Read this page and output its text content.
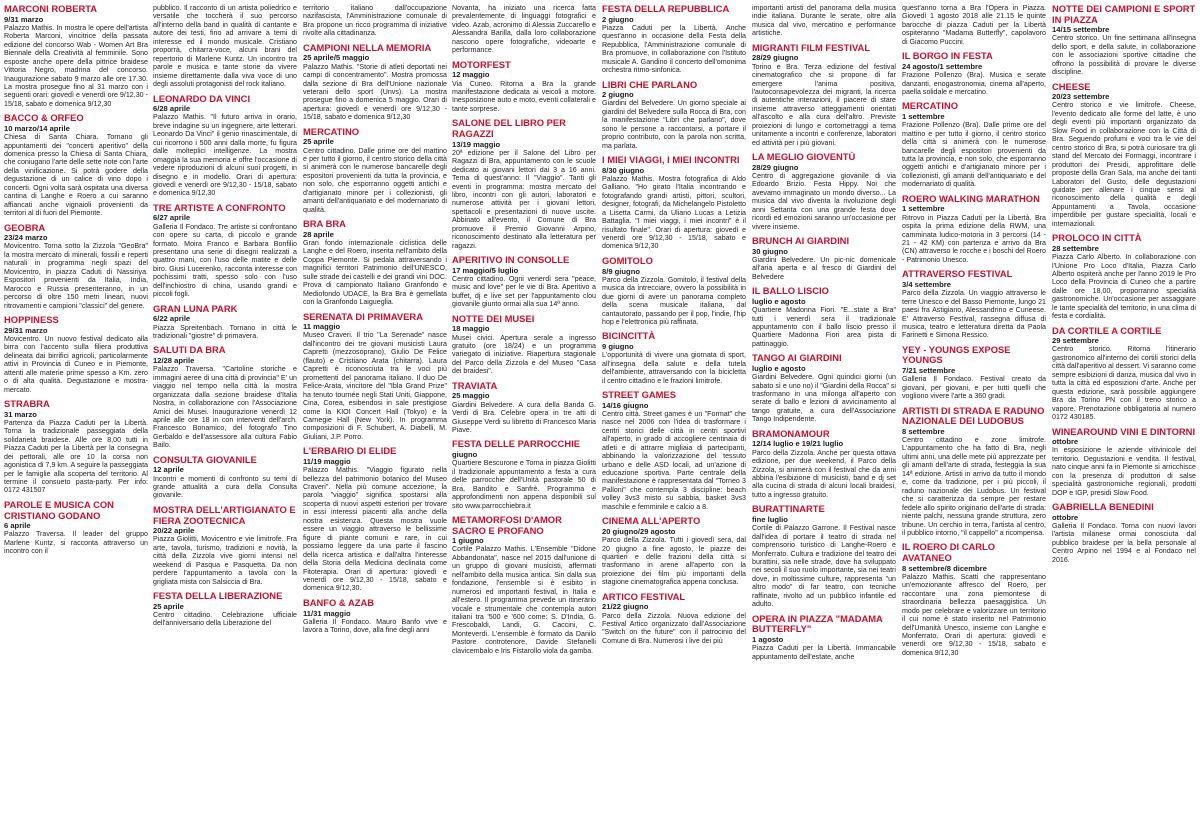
MARCONI ROBERTA
9/31 marzo
Palazzo Mathis. In mostra le opere dell'artista Roberta Marconi, vincitrice della passata edizione del concorso Wab - Women Art Bra Biennale della Creatività al femminile. Sono esposte anche opere della pittrice braidese Vittoria Negro, madrina del concorso. Inaugurazione sabato 9 marzo alle ore 17.30. La mostra prosegue fino al 31 marzo con i seguenti orari: giovedì e venerdì ore 9/12,30 - 15/18, sabato e domenica 9/12,30
BACCO & ORFEO
10 marzo/14 aprile
Chiesa di Santa Chiara. Tornano gli appuntamenti dei "concerti aperitivo" della domenica presso la Chiesa di Santa Chiara, che coniugano l'arte delle sette note con l'arte della vinificazione. Si potrà godere della degustazione di un calice di vino dopo i concerti. Ogni volta sarà ospitata una diversa cantina di Langhe e Roero a cui saranno affiancati anche vignaioli provenienti da territori al di fuori del Piemonte.
GEOBRA
23/24 marzo
Movicentro. Torna sotto la Zizzola "GeoBra" la mostra mercato di minerali, fossili e reperti naturali in programma negli spazi del Movicentro, in piazza Caduti di Nassiriya. Espositori provenienti da Italia, India, Marocco e Russia presenteranno, in un percorso di oltre 150 metri lineari, nuovi ritrovamenti e campioni "classici" del genere.
HOPPINESS
29/31 marzo
Movicentro. Un nuovo festival dedicato alla birra con l'accento sulla filiera produttiva delineata dai birrifici agricoli, particolarmente attivi in Provincia di Cuneo e in Piemonte, attenti alle materie prime spesso a Km. zero o di alta qualità. Degustazione e mostra-mercato.
STRABRA
31 marzo
Partenza da Piazza Caduti per la Libertà. Torna la tradizionale passeggiata della solidarietà braidese. Alle ore 8,00 tutti in Piazza Caduti per la Libertà per la consegna dei pettorali, alle ore 10 la corsa non agonistica di 7,9 km. A seguire la passeggiata per le famiglie alla scoperta del territorio. Al termine il consueto pasta-party. Per info: 0172 431507
PAROLE E MUSICA CON CRISTIANO GODANO
6 aprile
Palazzo Traversa. Il leader del gruppo Marlene Kuntz, si racconta attraverso un incontro con il
pubblico. Il racconto di un artista poliedrico e versatile che toccherà il suo percorso all'interno della band in qualità di cantante e autore dei testi, fino ad arrivare a temi di interesse ed il mondo musicale. Cristiano proporrà, chitarra-voce, alcuni brani del repertorio di Marlene Kuntz. Un incontro tra parole e musica e tante storie da vivere insieme direttamente dalla viva voce di uno degli assoluti protagonisti del rock italiano.
LEONARDO DA VINCI
6/28 aprile
Palazzo Mathis. "Il futuro arriva in orario, breve indagine su un ingegnere, arte letterari. Leonardo Da Vinci" il genio rinascimentale, di cui ricorrono i 500 anni dalla morte, fu figura dalle molteplici intelligenze. La mostra omaggia la sua memoria e offre l'occasione di vedere riproduzioni di alcuni suoi progetti, in disegno e in modello. Orari di apertura: giovedì e venerdì ore 9/12,30 - 15/18, sabato e domenica 9/12,30
TRE ARTISTE A CONFRONTO
6/27 aprile
Galleria Il Fondaco. Tre artiste si confrontano con opere su carta, di piccolo e grande formato. Moira Franco e Barbara Bonfilio presentano una serie di disegni realizzati a quattro mani, con l'uso delle matite e delle biro. Giusi Lucerenko, racconta interesse con pochissimi tratti, spesso solo con l'uso dell'inchiostro di china, usando grandi e piccoli fogli.
GRAN LUNA PARK
6/22 aprile
Piazza Spreitenbach. Tornano in città le tradizionali "giostre" di primavera.
SALUTI DA BRA
12/28 aprile
Palazzo Traversa. "Cartoline storiche e immagini aeree di una città di provincia" E' un viaggio nel tempo nella città la mostra organizzata dalla sezione braidese d'Italia Nostra, in collaborazione con l'Associazione Amici dei Musei. Inaugurazione venerdì 12 aprile alle ore 18 in con interventi dell'arch. Francesco Bonamico, del fotografo Tino Gerbaldo e dell'assessore alla cultura Fabio Bailo.
CONSULTA GIOVANILE
12 aprile
Incontri e momenti di confronto su temi di grande attualità a cura della Consulta giovanile.
MOSTRA DELL'ARTIGIANATO E FIERA ZOOTECNICA
20/22 aprile
Piazza Giolitti, Movicentro e vie limitrofe. Fra arte, tavola, turismo, tradizioni e novità, la città della Zizzola vive giorni intensi nel weekend di Pasqua e Pasquetta. Da non perdere l'appuntamento a tavola con la grigliata mista con Salsiccia di Bra.
FESTA DELLA LIBERAZIONE
25 aprile
Centro cittadino. Celebrazione ufficiale dell'anniversario della Liberazione del
territorio italiano dall'occupazione nazifascista, l'Amministrazione comunale di Bra propone un ricco programma di iniziative rivolte alla cittadinanza.
CAMPIONI NELLA MEMORIA
25 aprile/5 maggio
Palazzo Mathis. "Storie di atleti deportati nei campi di concentramento". Mostra promossa dalla sezione di Bra dell'Unione nazionale veterani dello sport (Unvs). La mostra prosegue fino a domenica 5 maggio. Orari di apertura: giovedì e venerdì ore 9/12,30 - 15/18, sabato e domenica 9/12,30
MERCATINO
25 aprile
Centro cittadino. Dalle prime ore del mattino e per tutto il giorno, il centro storico della città si animerà con le numerose bancarelle degli espositori provenienti da tutta la provincia, e non solo, che esporranno oggetti antichi e d'artigianato minore per i collezionisti, gli amanti dell'antiquariato e del modernariato di qualità.
BRA BRA
28 aprile
Gran fondo internazionale ciclistica delle Langhe e del Roero, inserita nell'ambito della Coppa Piemonte. Si pedala attraversando i magnifici territori Patrimonio dell'UNESCO, sulle strade dei castelli e dei grandi vini DOC. Prova di campionato Italiano Granfondo e Mediofondo UDACE, la Bra Bra è gemellata con la Granfondo Laigueglia.
SERENATA DI PRIMAVERA
11 maggio
Museo Craveri. Il trio "La Serenade" nasce dall'incontro dei tre giovani musicisti Laura Capretti (mezzosoprano), Giulio De Felice (flauto) e Cristiano Arata (chitarra). Laura Capretti è riconosciuta tra le voci più promettenti del panorama italiano. Il duo De Felice-Arata, vincitore del "Ibla Grand Prize" ha tenuto tournée negli Stati Uniti, Giappone, Cina, Corea, esibendosi in sale prestigiose come la KIOI Concert Hall (Tokyo) e la Carnegie Hall (New York). In programma composizioni di F. Schubert, A. Diabelli, M. Giuliani, J.P. Porro.
L'ERBARIO DI ELIDE
11/19 maggio
Palazzo Mathis. "Viaggio figurato nella bellezza del patrimonio botanico del Museo Craveri". Nella più comune accezione, la parola "viaggio" significa spostarsi alla scoperta di nuovi aspetti esteriori per trovare in essi interessi piacenti alla anche della nostra esistenza. Questa mostra vuole essere un viaggio attraverso le bellissime figure di piante comuni e rare, in cui possiamo leggere da una parte il fascino della ricerca artistica e dall'altra l'interesse della Storia della Medicina declinata come Fitoterapia. Orari di apertura: giovedì e venerdì ore 9/12,30 - 15/18, sabato e domenica 9/12,30.
BANFO & AZAB
11/31 maggio
Galleria Il Fondaco. Mauro Banfo vive e lavora a Torino, dove, alla fine degli anni
Novanta, ha iniziato una ricerca fatta prevalentemente di linguaggi fotografici e video. Azab, acronimo di Alessia Zuccarello e Alessandra Barilla, dalla loro collaborazione nascono opere fotografiche, videoarte e performance.
MOTORFEST
12 maggio
Via Cuneo. Ritorna a Bra la grande manifestazione dedicata ai veicoli a motore. Inesposizione auto e moto, eventi collaterali e tante sorprese.
SALONE DEL LIBRO PER RAGAZZI
13/19 maggio
20ª edizione per il Salone del Libro per Ragazzi di Bra, appuntamento con le scuole dedicato ai giovani lettori dai 3 a 16 anni. Tema di quest'anno: Il "Viaggio". Tanti gli eventi in programma: mostra mercato del libro, incontri con gli autori, laboratori e numerose attività per i giovani lettori, spettacoli e presentazioni di nuove uscite. Abbinato all'evento, il Comune di Bra promuove il Premio Giovanni Arpino, riconoscimento destinato alla letteratura per ragazzi.
APERITIVO IN CONSOLLE
17 maggio/5 luglio
Centro cittadino. Ogni venerdì sera "peace, music and love" per le vie di Bra. Aperitivo a buffet, dj e live set per l'appuntamento clou giovanile giunto ormai alla sua 14ª anno.
NOTTE DEI MUSEI
18 maggio
Musei civici. Apertura serale a ingresso gratuito (ore 18/24) e un programma variegato di iniziative. Riapertura stagionale del Parco della Zizzola e del Museo "Casa dei braidesi".
TRAVIATA
25 maggio
Giardini Belvedere. A cura della Banda G. Verdi di Bra. Celebre opera in tre atti di Giuseppe Verdi su libretto di Francesco Maria Piave.
FESTA DELLE PARROCCHIE
giugno
Quartiere Bescurone e Torna in piazza Giolitti il tradizionale appuntamento a festa a cura delle parrocchie dell'Unità pastorale 50 di Bra, Bandito e Sanfrè. Programma e approfondimenti non appena disponibili sul sito www.parrocchiebra.it
METAMORFOSI D'AMOR SACRO E PROFANO
1 giugno
Cortile Palazzo Mathis. L'Ensemble "Didone Abbandonata", nasce nel 2015 dall'unione di un gruppo di giovani musicisti, affermati nell'ambito della musica antica. Sin dalla sua fondazione, l'ensemble si è esibito in numerosi ed importanti festival, in Italia e all'estero. Il programma prevede un itinerario vocale e strumentale che contempla autori italiani tra '500 e '600 come: S. D'India, G. Frescobaldi, Landi, G. Caccini, C. Monteverdi. L'ensemble è formato da Danilo Pastore controtenore, Davide Stefanelli clavicembalo e Iris Fistarollo viola da gamba.
FESTA DELLA REPUBBLICA
2 giugno
Piazza Caduti per la Libertà. Anche quest'anno in occasione della Festa della Repubblica, l'Amministrazione comunale di Bra promuove, in collaborazione con l'Istituto musicale A. Gandino il concerto dell'omonima orchestra ritmo-sinfonica.
LIBRI CHE PARLANO
2 giugno
Giardini del Belvedere. Un giorno speciale ai giardini del Belvedere sulla Rocca di Bra, con la manifestazione "Libri che parlano", dove sono le persone a raccontarsi, a portare il proprio contributo, con la parola non scritta, ma parlata.
I MIEI VIAGGI, I MIEI INCONTRI
8/30 giugno
Palazzo Mathis. Mostra fotografica di Aldo Galliano. "Ho girato l'Italia incontrando e fotografando grandi artisti, pittori, scultori, designer, fotografi, da Michelangelo Pistoletto a Lisetta Carmi, da Uliano Lucas a Letizia Battaglia. "I miei viaggi, i miei incontri" è il risultato finale". Orari di apertura: giovedì e venerdì ore 9/12,30 - 15/18, sabato e domenica 9/12,30
GOMITOLO
8/9 giugno
Parco della Zizzola. Gomitolo, il festival della musica da intrecciare, ovvero la possibilità in due giorni di avere un panorama completo della scena musicale italiana, dal cantautorato, passando per il pop, l'indie, l'hip hop e l'elettronica più raffinata.
BICINCITTÀ
9 giugno
L'opportunità di vivere una giornata di sport, all'insegna della salute e della tutela dell'ambiente, attraversando con la bicicletta il centro cittadino e le frazioni limitrofe.
STREET GAMES
14/16 giugno
Centro città. Street games è un "Format" che nasce nel 2006 con l'idea di trasformare i centri storici delle città in centri sportivi all'aperto, in grado di accogliere centinaia di atleti e di attrarre migliaia di partecipanti, abbinando la valorizzazione del tessuto urbano e delle ASD locali, ad un'azione di educazione sportiva. Parte centrale della manifestazione è rappresentata dal "Torneo 3 Palloni" che contempla 3 discipline: beach volley 3vs3 misto su sabbia, basket 3vs3 maschile e femminile e calcio a 8.
CINEMA ALL'APERTO
20 giugno/29 agosto
Parco della Zizzola. Tutti i giovedì sera, dal 20 giugno a fine agosto, le piazze dei quartieri e delle frazioni della città si trasformano in arene all'aperto con la proiezione dei film più importanti della stagione cinematografica appena conclusa.
ARTICO FESTIVAL
21/22 giugno
Parco della Zizzola. Nuova edizione del Festival Artico organizzato dall'Associazione "Switch on the future" con il patrocinio del Comune di Bra. Numerosi i live dei più
importanti artisti del panorama della musica indie italiana. Durante le serate, oltre alla musica dal vivo, mercatino e performance artistiche.
MIGRANTI FILM FESTIVAL
28/29 giugno
Torino e Bra. Terza edizione del festival cinematografico che si propone di far emergere l'anima positiva, l'autoconsapevolezza dei migranti, la ricerca di autentiche interazioni, il piacere di stare insieme attraverso atteggiamenti orientati all'ascolto e alla cura dell'altro. Previste proiezioni di lungo e cortometraggi a tema unitamente a incontri e conferenze, laboratori ed attività per i più giovani.
LA MEGLIO GIOVENTÙ
28/29 giugno
Centro di aggregazione giovanile di via Edoardo Brizio. Festa Hippy. Noi che avevamo immaginato un mondo diverso... La musica dal vivo diventa la rivoluzione degli anni Settanta con una grande festa dove ricordi ed emozioni saranno un'occasione per vivere insieme.
BRUNCH AI GIARDINI
30 giugno
Giardini Belvedere. Un pic-nic domenicale all'aria aperta e al fresco di Giardini del Belvedere
IL BALLO LISCIO
luglio e agosto
Quartiere Madonna Fiori. "E...state a Bra" tutti i venerdì sera il tradizionale appuntamento con il ballo liscio presso il Quartiere Madonna Fiori area pista di pattinaggio.
TANGO AI GIARDINI
luglio e agosto
Giardini Belvedere. Ogni quindici giorni (un sabato sì e uno no) il "Giardini della Rocca" si trasformano in una milonga all'aperto con serate di ballo e lezioni di avvicinamento al tango gratuite, a cura dell'Associazione Tango Indipendente.
BRAMONAMOUR
12/14 luglio e 19/21 luglio
Parco della Zizzola. Anche per questa ottava edizione, per due weekend, il Parco della Zizzola, si animerà con il festival che da anni abbina l'esibizione di musicisti, band e dj set alla cucina di strada di alcuni locali braidesi, tutto a ingresso gratuito.
BURATTINARTE
fine luglio
Cortile di Palazzo Garrone. Il Festival nasce dall'idea di portare il teatro di strada nel comprensorio turistico di Langhe-Roero e Monferrato. Cultura e tradizione del teatro dei burattini, sia nelle strade, dove ha sviluppato nei secoli il suo ruolo importante, sia nei teatri dove, in moltissime culture, rappresenta "un altro modo" di far teatro, con tecniche raffinate, rivolto ad un pubblico infantile ed adulto.
OPERA IN PIAZZA "MADAMA BUTTERFLY"
1 agosto
Piazza Caduti per la Libertà. Immancabile appuntamento dell'estate, anche
quest'anno torna a Bra l'Opera in Piazza. Giovedì 1 agosto 2018 alle 21.15 le quinte barocche di piazza Caduti per la Libertà ospiteranno "Madama Butterfly", capolavoro di Giacomo Puccini.
IL BORGO IN FESTA
24 agosto/1 settembre
Frazione Pollenzo (Bra). Musica e serate danzanti, enogastronomia, cinema all'aperto, paella solidale e mercatino.
MERCATINO
1 settembre
Frazione Pollenzo (Bra). Dalle prime ore del mattino e per tutto il giorno, il centro storico della città si animerà con le numerose bancarelle degli espositori provenienti da tutta la provincia, e non solo, che esporranno oggetti antichi e d'artigianato minore per i collezionisti, gli amanti dell'antiquariato e del modernariato di qualità.
ROERO WALKING MARATHON
1 settembre
Ritrovo in Piazza Caduti per la Libertà. Bra ospita la prima edizione della RWM, una camminata ludico-motoria in 3 percorsi (14 - 21 - 42 KM) con partenza e arrivo da Bra (CN) attraverso le rocche e i boschi del Roero - Patrimonio Unesco.
ATTRAVERSO FESTIVAL
3/4 settembre
Parco della Zizzola. Un viaggio attraverso le terre Unesco e del Basso Piemonte, lungo 21 paesi fra Astigiano, Alessandrino e Cuneese. E' Attraverso Festival, rassegna diffusa di musica, teatro e letteratura diretta da Paola Farinetti e Simona Ressico.
YEY - YOUNGS EXPOSE YOUNGS
7/21 settembre
Galleria Il Fondaco. Festival creato da giovani, per giovani, e per tutti quelli che vogliono vivere l'arte a 360 gradi.
ARTISTI DI STRADA E RADUNO NAZIONALE DEI LUDOBUS
8 settembre
Centro cittadino e zone limitrofe. L'appuntamento che ha fatto di Bra, negli ultimi anni, una delle mete più apprezzate per gli amanti dell'arte di strada, festeggia la sua 14ª edizione. Artisti in arrivo da tutto il mondo e, come da tradizione, per i più piccoli, il raduno nazionale dei Ludobus. Un festival che si caratterizza da sempre per restare fedele allo spirito originario dell'arte di strada: niente palchi, nessuna grande struttura, zero tribune. Un cerchio in terra, l'artista al centro, il pubblico intorno, "il cappello" a ricompensa.
IL ROERO DI CARLO AVATANEO
8 settembre/8 dicembre
Palazzo Mathis. Scatti che rappresentano un'emozionante affresco del Roero, per raccontare una zona piemontese di straordinaria bellezza paesaggistica. Un modo per celebrare e valorizzare un territorio il cui nome è stato inserito nel Patrimonio dell'Umanità Unesco, insieme con Langhe e Monferrato. Orari di apertura: giovedì e venerdì ore 9/12,30 - 15/18, sabato e domenica 9/12,30
NOTTE DEI CAMPIONI E SPORT IN PIAZZA
14/15 settembre
Centro storico. Un fine settimana all'insegna dello sport, e della salute, in collaborazione con le associazioni sportive cittadine che offrono la possibilità di provare le diverse discipline.
CHEESE
20/23 settembre
Centro storico e vie limitrofe. Cheese, l'evento dedicato alle forme del latte, è uno degli eventi più importanti organizzato da Slow Food in collaborazione con la Città di Bra. Seguendo profumi e voci tra le vie del centro storico di Bra, si potrà curiosare tra gli stand del Mercato dei Formaggi, incontrare i produttori dei Presidi, approfittare delle proposte della Gran Sala, ma anche dei tanti Laboratori del Gusto, delle degustazioni guidate per allenare i cinque sensi al riconoscimento della qualità e degli Appuntamenti a Tavola, occasione imperdibile per gustare specialità, locali e internazionali.
PROLOCO IN CITTÀ
28 settembre
Piazza Carlo Alberto. In collaborazione con l'Unione Pro Loco d'Italia, Piazza Carlo Alberto ospiterà anche per l'anno 2019 le Pro Loco della Provincia di Cuneo che a partire dalle ore 18,00, proporranno specialità gastronomiche. Un'occasione per assaggiare le tante specialità del territorio, in una clima di festa e cordialità.
DA CORTILE A CORTILE
29 settembre
Centro storico. Ritorna l'itinerario gastronomico all'interno dei cortili storici della città dall'aperitivo al dessert. Vi saranno come sempre esibizioni di danza, musica dal vivo in tutta la città ed esposizioni d'arte. Anche per questa edizione, sarà possibile aggiungere Bra da Torino PN con il treno storico a vapore. Prenotazione obbligatoria al numero 0172 430185.
WINEAROUND VINI E DINTORNI
ottobre
In esposizione le aziende vitivinicole del territorio. Degustazioni e vendita. Il festival, nato cinque anni fa in Piemonte si arricchisce con la presenza di produttori di salse specialità gastronomiche regionali, prodotti DOP e IGP, presidi Slow Food.
GABRIELLA BENEDINI
ottobre
Galleria Il Fondaco. Torna con nuovi lavori l'artista milanese ormai conosciuta dal pubblico braidese per la bella personale al Centro Arpino nel 1994 e al Fondaco nel 2016.
